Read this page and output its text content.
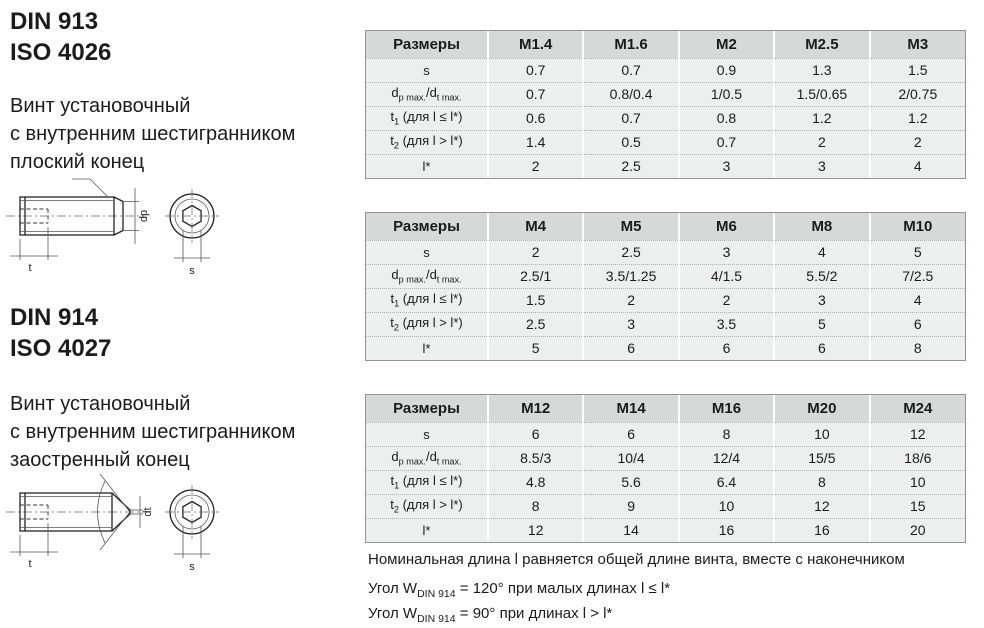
DIN 913
ISO 4026
Винт установочный
с внутренним шестигранником
плоский конец
t
dp
s
DIN 914
ISO 4027
Винт установочный
с внутренним шестигранником
заостренный конец
t
dt
s
Размеры	M1.4	M1.6	M2	M2.5	M3
s	0.7	0.7	0.9	1.3	1.5
$d_{p max.}/d_{t max.}$	0.7	0.8/0.4	1/0.5	1.5/0.65	2/0.75
$t_1$ (для l ≤ l*)	0.6	0.7	0.8	1.2	1.2
$t_2$ (для l > l*)	1.4	0.5	0.7	2	2
l*	2	2.5	3	3	4
Размеры	M4	M5	M6	M8	M10
s	2	2.5	3	4	5
$d_{p max.}/d_{t max.}$	2.5/1	3.5/1.25	4/1.5	5.5/2	7/2.5
$t_1$ (для l ≤ l*)	1.5	2	2	3	4
$t_2$ (для l > l*)	2.5	3	3.5	5	6
l*	5	6	6	6	8
Размеры	M12	M14	M16	M20	M24
s	6	6	8	10	12
$d_{p max.}/d_{t max.}$	8.5/3	10/4	12/4	15/5	18/6
$t_1$ (для l ≤ l*)	4.8	5.6	6.4	8	10
$t_2$ (для l > l*)	8	9	10	12	15
l*	12	14	16	16	20
Номинальная длина l равняется общей длине винта, вместе с наконечником
Угол $W_{DIN 914} = 120^\circ$ при малых длинах l ≤ l*
Угол $W_{DIN 914} = 90^\circ$ при длинах l > l*
